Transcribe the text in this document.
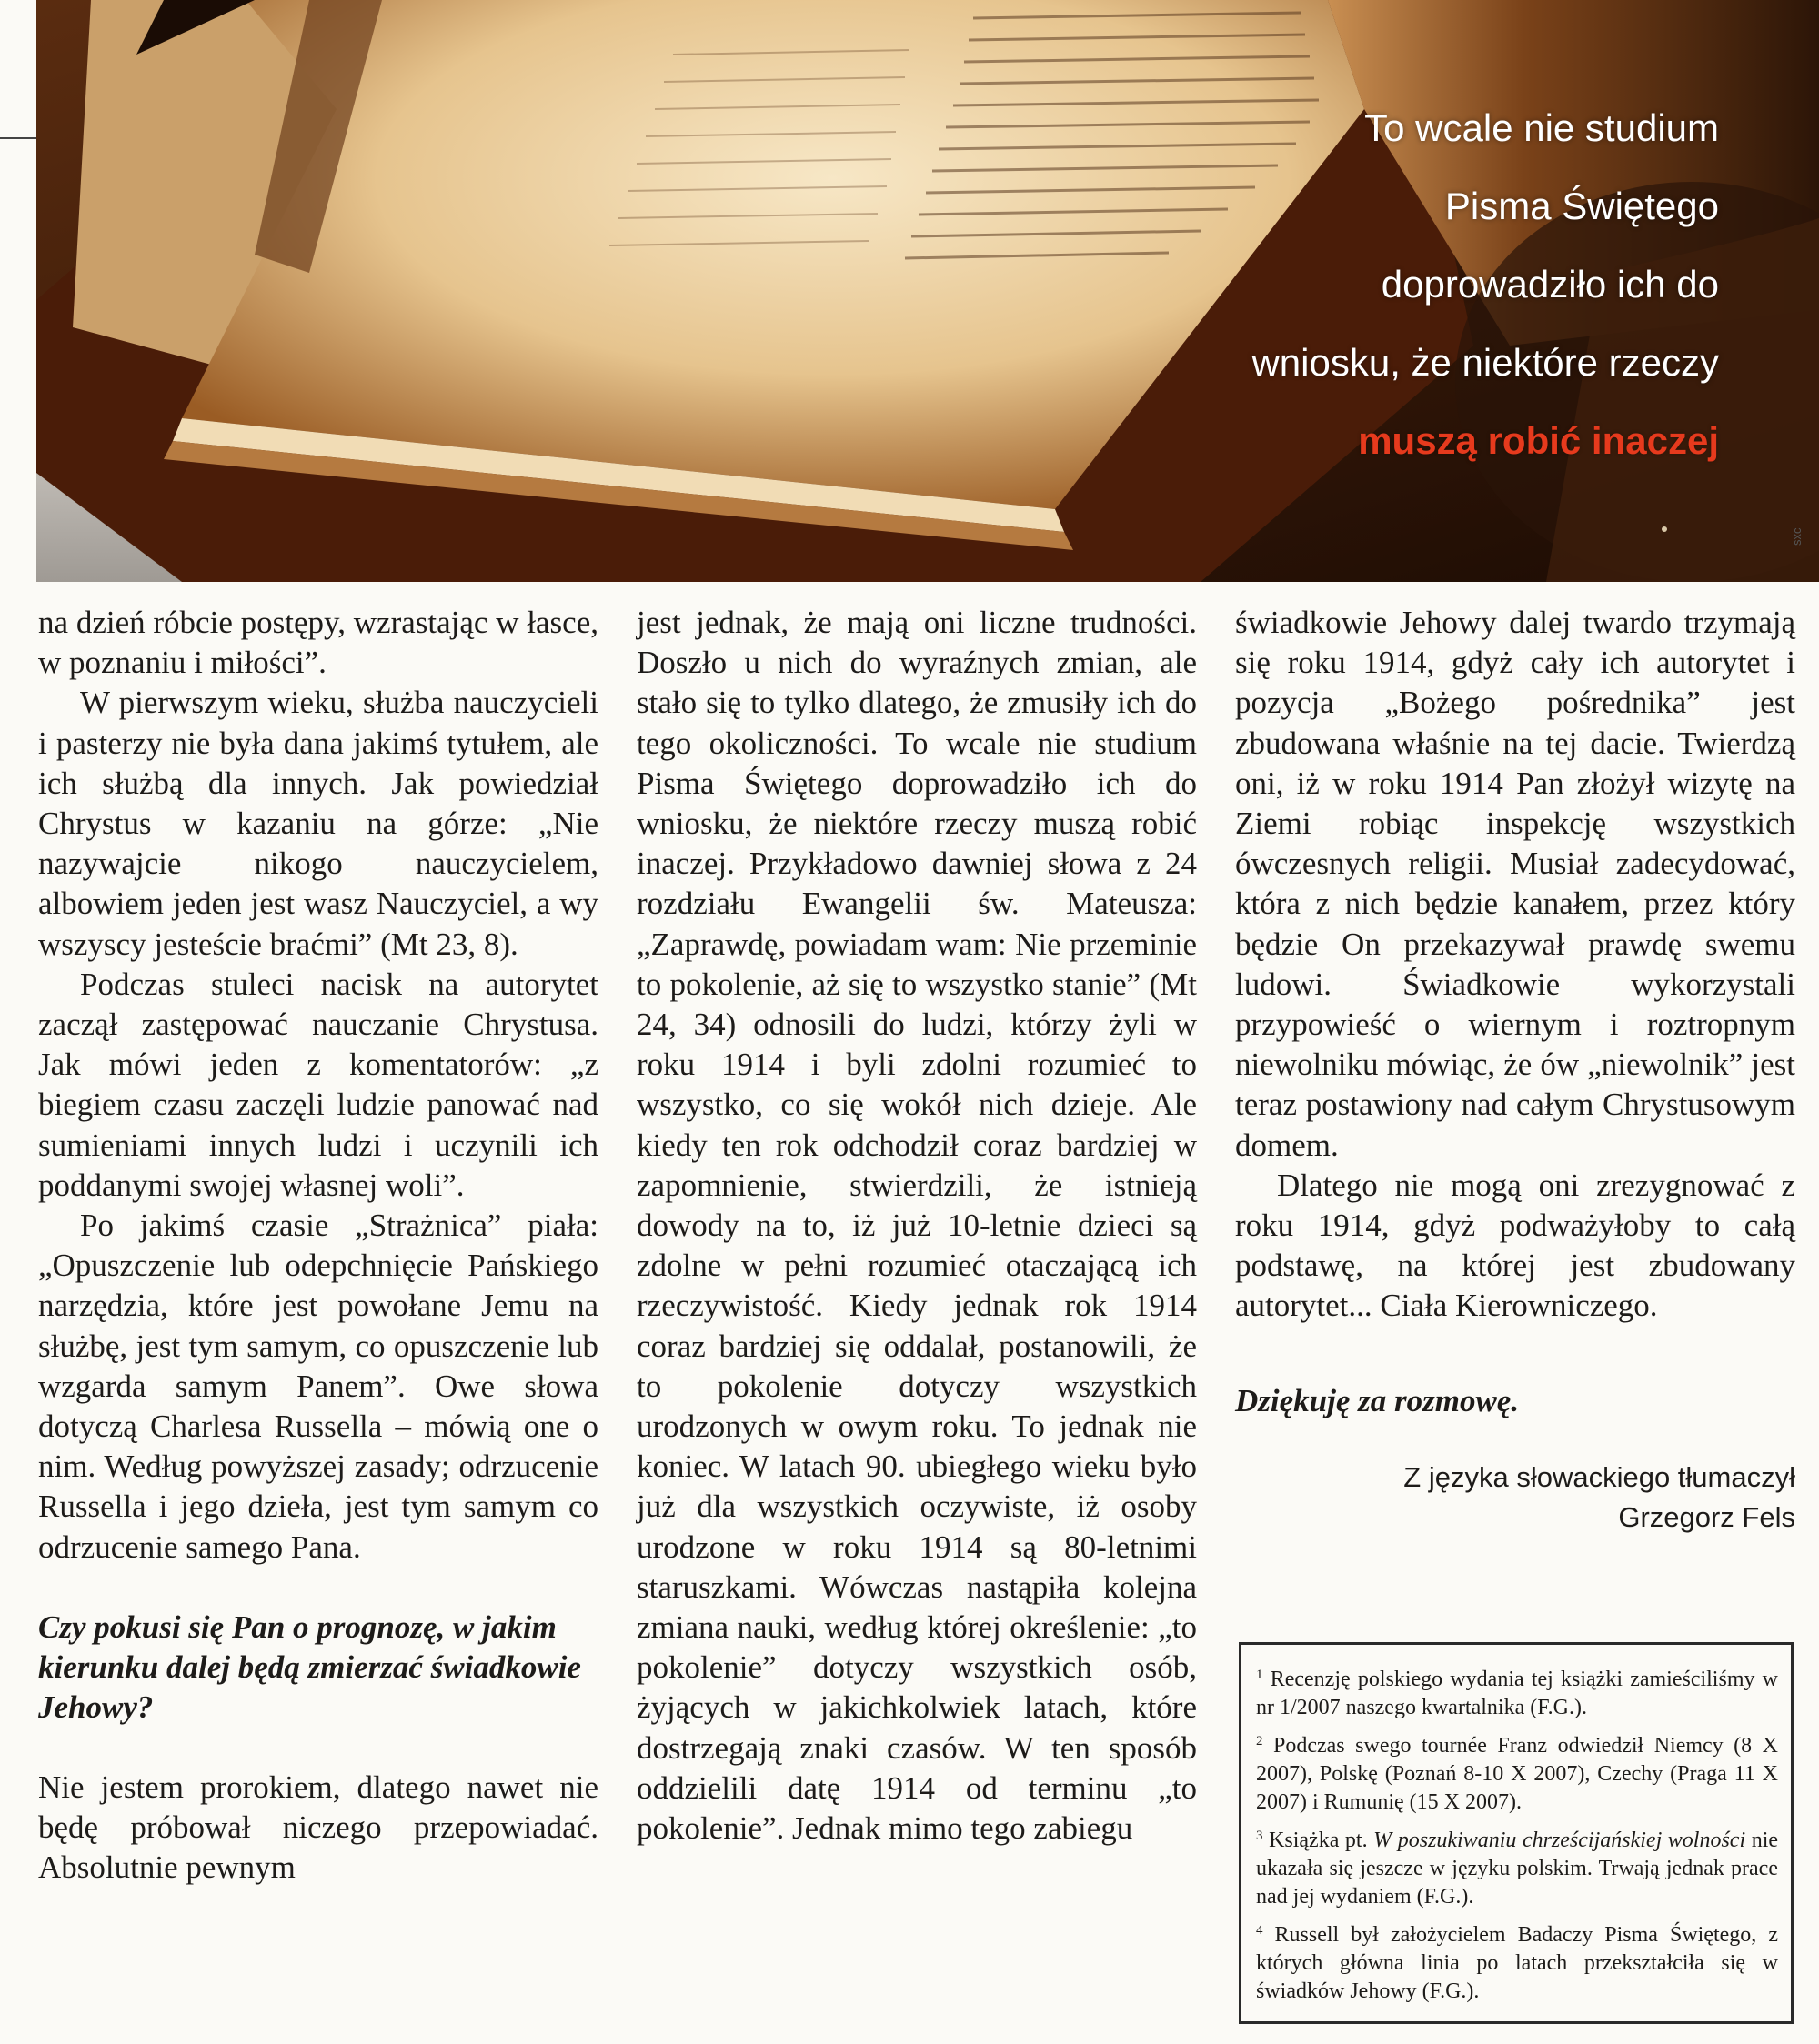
To wcale nie studium
Pisma Świętego
doprowadziło ich do
wniosku, że niektóre rzeczy
muszą robić inaczej
sxc

na dzień róbcie postępy, wzrastając w łasce, w poznaniu i miłości”.

W pierwszym wieku, służba nauczycieli i pasterzy nie była dana jakimś tytułem, ale ich służbą dla innych. Jak powiedział Chrystus w kazaniu na górze: „Nie nazywajcie nikogo nauczycielem, albowiem jeden jest wasz Nauczyciel, a wy wszyscy jesteście braćmi” (Mt 23, 8).

Podczas stuleci nacisk na autorytet zaczął zastępować nauczanie Chrystusa. Jak mówi jeden z komentatorów: „z biegiem czasu zaczęli ludzie panować nad sumieniami innych ludzi i uczynili ich poddanymi swojej własnej woli”.

Po jakimś czasie „Strażnica” piała: „Opuszczenie lub odepchnięcie Pańskiego narzędzia, które jest powołane Jemu na służbę, jest tym samym, co opuszczenie lub wzgarda samym Panem”. Owe słowa dotyczą Charlesa Russella – mówią one o nim. Według powyższej zasady; odrzucenie Russella i jego dzieła, jest tym samym co odrzucenie samego Pana.

Czy pokusi się Pan o prognozę, w jakim kierunku dalej będą zmierzać świadkowie Jehowy?

Nie jestem prorokiem, dlatego nawet nie będę próbował niczego przepowiadać. Absolutnie pewnym

jest jednak, że mają oni liczne trudności. Doszło u nich do wyraźnych zmian, ale stało się to tylko dlatego, że zmusiły ich do tego okoliczności. To wcale nie studium Pisma Świętego doprowadziło ich do wniosku, że niektóre rzeczy muszą robić inaczej. Przykładowo dawniej słowa z 24 rozdziału Ewangelii św. Mateusza: „Zaprawdę, powiadam wam: Nie przeminie to pokolenie, aż się to wszystko stanie” (Mt 24, 34) odnosili do ludzi, którzy żyli w roku 1914 i byli zdolni rozumieć to wszystko, co się wokół nich dzieje. Ale kiedy ten rok odchodził coraz bardziej w zapomnienie, stwierdzili, że istnieją dowody na to, iż już 10-letnie dzieci są zdolne w pełni rozumieć otaczającą ich rzeczywistość. Kiedy jednak rok 1914 coraz bardziej się oddalał, postanowili, że to pokolenie dotyczy wszystkich urodzonych w owym roku. To jednak nie koniec. W latach 90. ubiegłego wieku było już dla wszystkich oczywiste, iż osoby urodzone w roku 1914 są 80-letnimi staruszkami. Wówczas nastąpiła kolejna zmiana nauki, według której określenie: „to pokolenie” dotyczy wszystkich osób, żyjących w jakichkolwiek latach, które dostrzegają znaki czasów. W ten sposób oddzielili datę 1914 od terminu „to pokolenie”. Jednak mimo tego zabiegu

świadkowie Jehowy dalej twardo trzymają się roku 1914, gdyż cały ich autorytet i pozycja „Bożego pośrednika” jest zbudowana właśnie na tej dacie. Twierdzą oni, iż w roku 1914 Pan złożył wizytę na Ziemi robiąc inspekcję wszystkich ówczesnych religii. Musiał zadecydować, która z nich będzie kanałem, przez który będzie On przekazywał prawdę swemu ludowi. Świadkowie wykorzystali przypowieść o wiernym i roztropnym niewolniku mówiąc, że ów „niewolnik” jest teraz postawiony nad całym Chrystusowym domem.

Dlatego nie mogą oni zrezygnować z roku 1914, gdyż podważyłoby to całą podstawę, na której jest zbudowany autorytet... Ciała Kierowniczego.

Dziękuję za rozmowę.
Z języka słowackiego tłumaczył
Grzegorz Fels
$^1$ Recenzję polskiego wydania tej książki zamieściliśmy w nr 1/2007 naszego kwartalnika (F.G.).
$^2$ Podczas swego tournée Franz odwiedził Niemcy (8 X 2007), Polskę (Poznań 8-10 X 2007), Czechy (Praga 11 X 2007) i Rumunię (15 X 2007).
$^3$ Książka pt. W poszukiwaniu chrześcijańskiej wolności nie ukazała się jeszcze w języku polskim. Trwają jednak prace nad jej wydaniem (F.G.).
$^4$ Russell był założycielem Badaczy Pisma Świętego, z których główna linia po latach przekształciła się w świadków Jehowy (F.G.).
